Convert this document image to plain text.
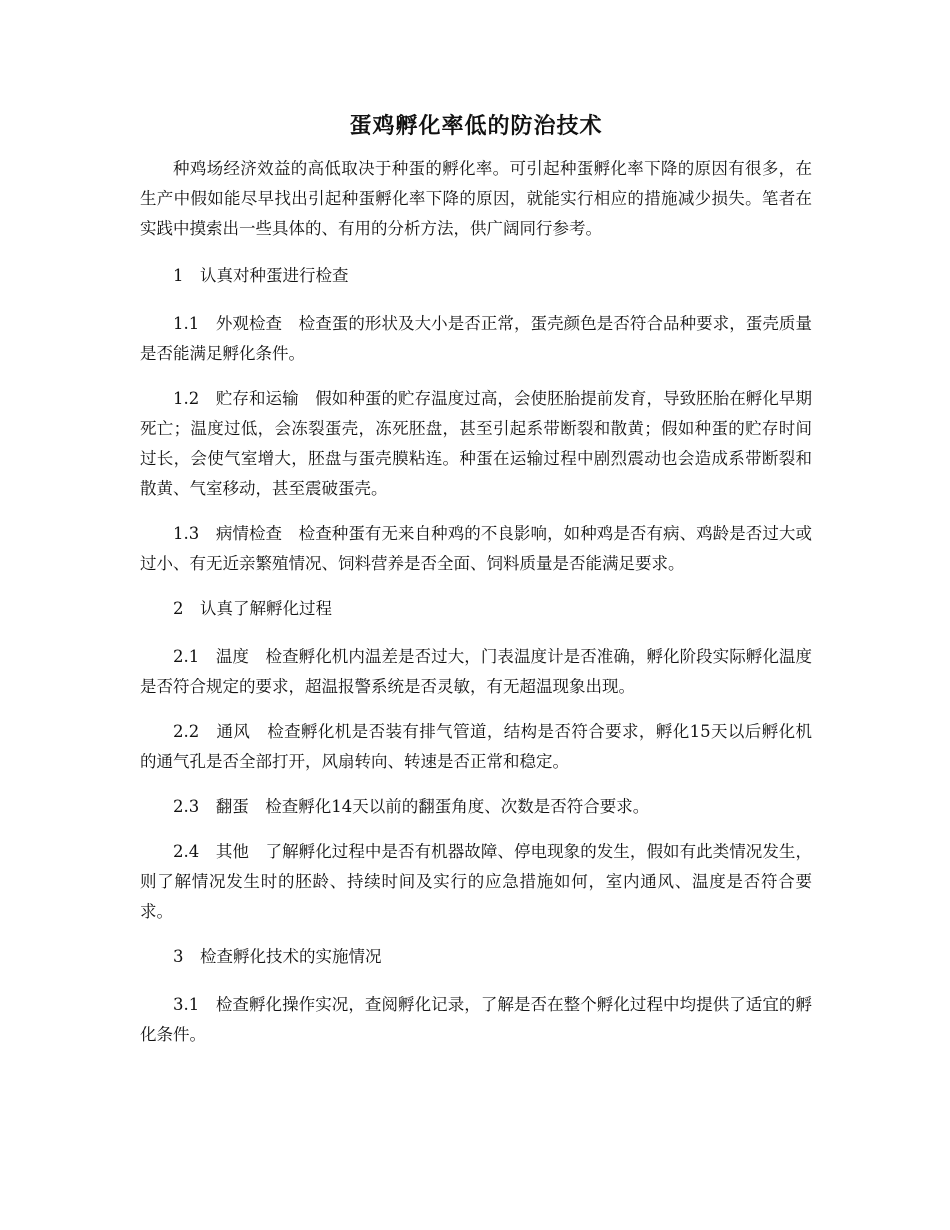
蛋鸡孵化率低的防治技术

种鸡场经济效益的高低取决于种蛋的孵化率。可引起种蛋孵化率下降的原因有很多，在生产中假如能尽早找出引起种蛋孵化率下降的原因，就能实行相应的措施减少损失。笔者在实践中摸索出一些具体的、有用的分析方法，供广阔同行参考。

1　认真对种蛋进行检查

1.1　外观检查　检查蛋的形状及大小是否正常，蛋壳颜色是否符合品种要求，蛋壳质量是否能满足孵化条件。

1.2　贮存和运输　假如种蛋的贮存温度过高，会使胚胎提前发育，导致胚胎在孵化早期死亡；温度过低，会冻裂蛋壳，冻死胚盘，甚至引起系带断裂和散黄；假如种蛋的贮存时间过长，会使气室增大，胚盘与蛋壳膜粘连。种蛋在运输过程中剧烈震动也会造成系带断裂和散黄、气室移动，甚至震破蛋壳。

1.3　病情检查　检查种蛋有无来自种鸡的不良影响，如种鸡是否有病、鸡龄是否过大或过小、有无近亲繁殖情况、饲料营养是否全面、饲料质量是否能满足要求。

2　认真了解孵化过程

2.1　温度　检查孵化机内温差是否过大，门表温度计是否准确，孵化阶段实际孵化温度是否符合规定的要求，超温报警系统是否灵敏，有无超温现象出现。

2.2　通风　检查孵化机是否装有排气管道，结构是否符合要求，孵化15天以后孵化机的通气孔是否全部打开，风扇转向、转速是否正常和稳定。

2.3　翻蛋　检查孵化14天以前的翻蛋角度、次数是否符合要求。

2.4　其他　了解孵化过程中是否有机器故障、停电现象的发生，假如有此类情况发生，则了解情况发生时的胚龄、持续时间及实行的应急措施如何，室内通风、温度是否符合要求。

3　检查孵化技术的实施情况

3.1　检查孵化操作实况，查阅孵化记录，了解是否在整个孵化过程中均提供了适宜的孵化条件。
